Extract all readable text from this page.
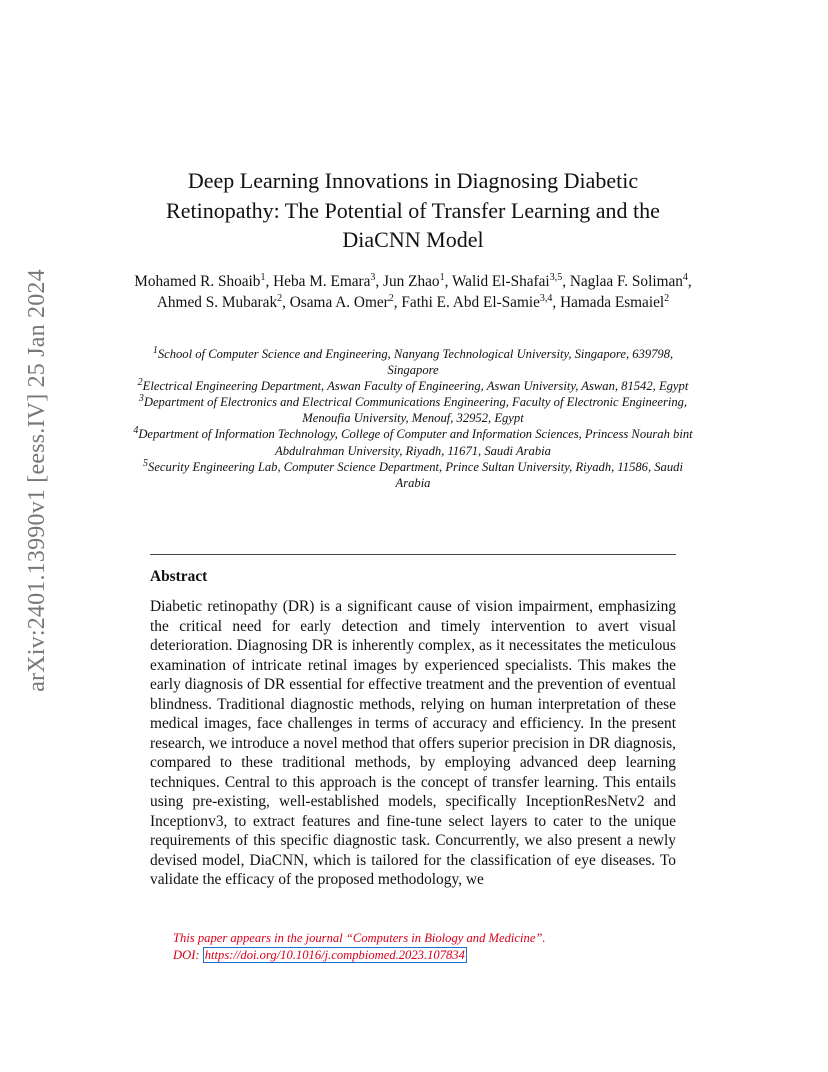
arXiv:2401.13990v1 [eess.IV] 25 Jan 2024
Deep Learning Innovations in Diagnosing Diabetic Retinopathy: The Potential of Transfer Learning and the DiaCNN Model
Mohamed R. Shoaib$^1$, Heba M. Emara$^3$, Jun Zhao$^1$, Walid El-Shafai$^{3,5}$, Naglaa F. Soliman$^4$, Ahmed S. Mubarak$^2$, Osama A. Omer$^2$, Fathi E. Abd El-Samie$^{3,4}$, Hamada Esmaiel$^2$
$^1$School of Computer Science and Engineering, Nanyang Technological University, Singapore, 639798, Singapore
$^2$Electrical Engineering Department, Aswan Faculty of Engineering, Aswan University, Aswan, 81542, Egypt
$^3$Department of Electronics and Electrical Communications Engineering, Faculty of Electronic Engineering, Menoufia University, Menouf, 32952, Egypt
$^4$Department of Information Technology, College of Computer and Information Sciences, Princess Nourah bint Abdulrahman University, Riyadh, 11671, Saudi Arabia
$^5$Security Engineering Lab, Computer Science Department, Prince Sultan University, Riyadh, 11586, Saudi Arabia
Abstract
Diabetic retinopathy (DR) is a significant cause of vision impairment, emphasizing the critical need for early detection and timely intervention to avert visual deterioration. Diagnosing DR is inherently complex, as it necessitates the meticulous examination of intricate retinal images by experienced specialists. This makes the early diagnosis of DR essential for effective treatment and the prevention of eventual blindness. Traditional diagnostic methods, relying on human interpretation of these medical images, face challenges in terms of accuracy and efficiency. In the present research, we introduce a novel method that offers superior precision in DR diagnosis, compared to these traditional methods, by employing advanced deep learning techniques. Central to this approach is the concept of transfer learning. This entails using pre-existing, well-established models, specifically InceptionResNetv2 and Inceptionv3, to extract features and fine-tune select layers to cater to the unique requirements of this specific diagnostic task. Concurrently, we also present a newly devised model, DiaCNN, which is tailored for the classification of eye diseases. To validate the efficacy of the proposed methodology, we
This paper appears in the journal “Computers in Biology and Medicine”.
DOI: https://doi.org/10.1016/j.compbiomed.2023.107834
